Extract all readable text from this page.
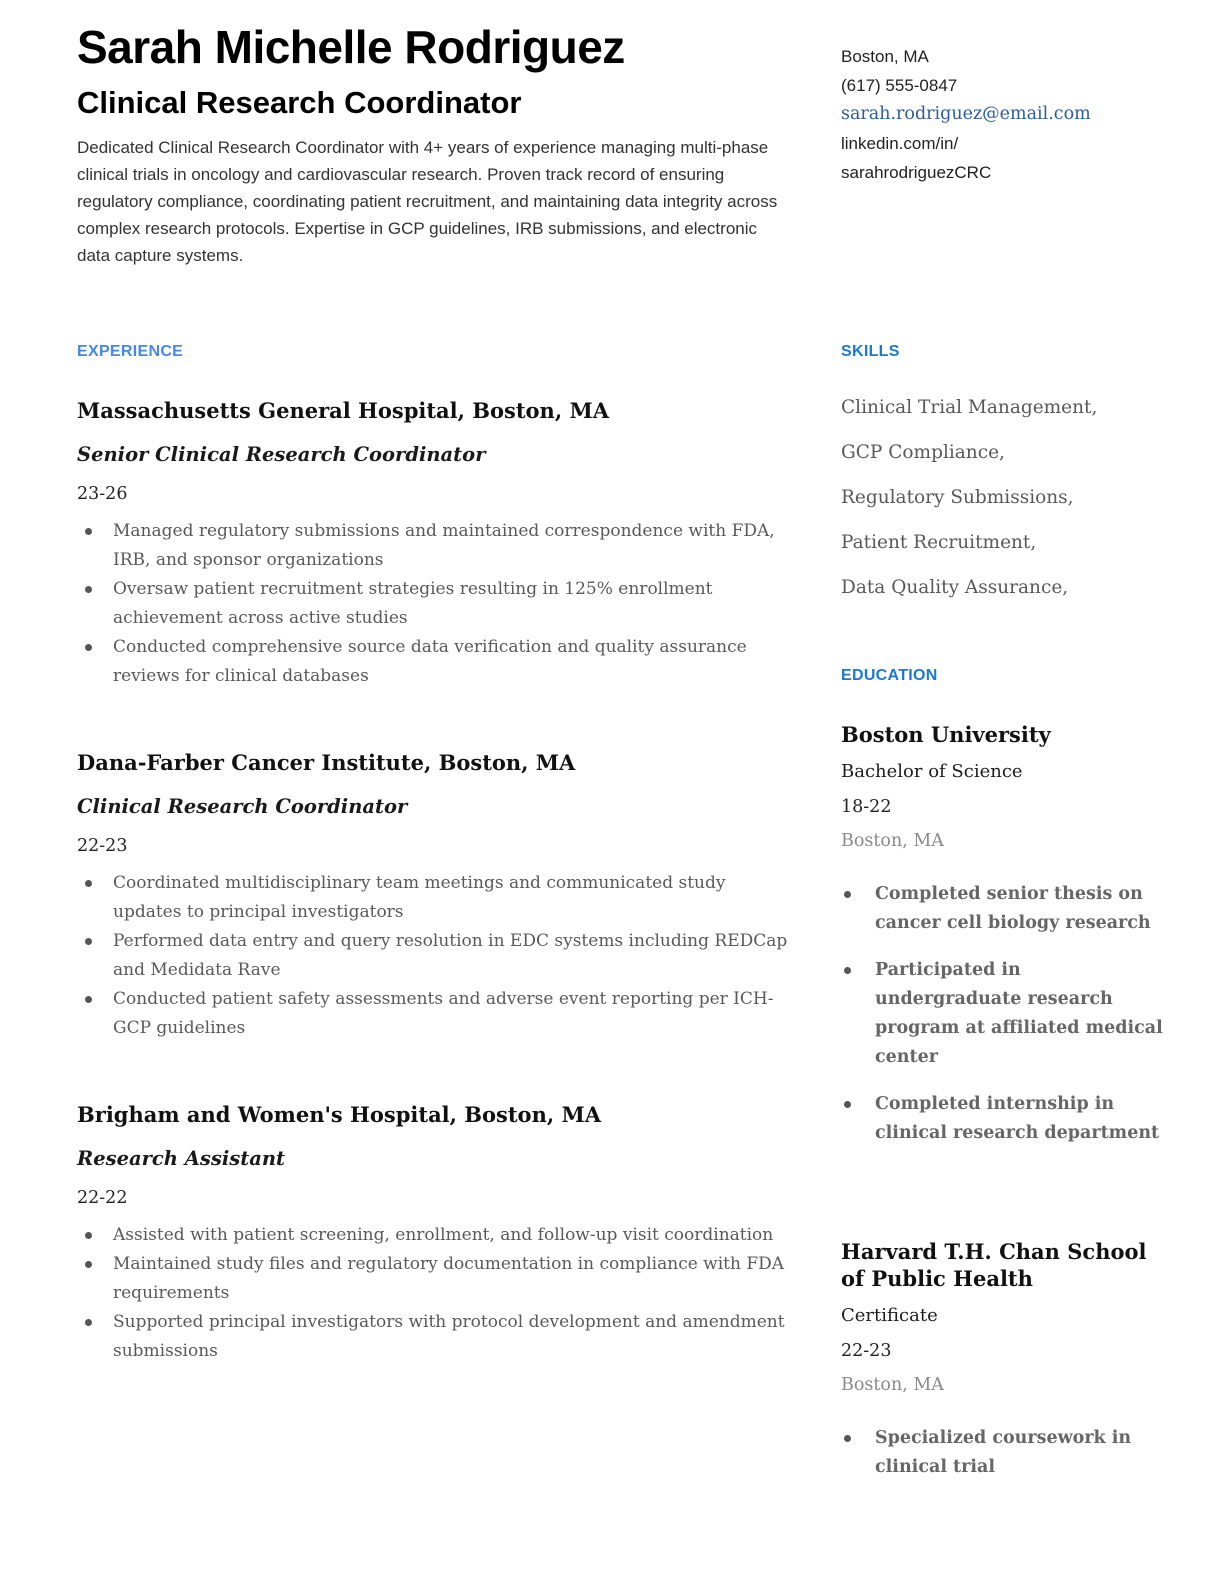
Sarah Michelle Rodriguez
Clinical Research Coordinator
Dedicated Clinical Research Coordinator with 4+ years of experience managing multi-phase clinical trials in oncology and cardiovascular research. Proven track record of ensuring regulatory compliance, coordinating patient recruitment, and maintaining data integrity across complex research protocols. Expertise in GCP guidelines, IRB submissions, and electronic data capture systems.
Boston, MA
(617) 555-0847
sarah.rodriguez@email.com
linkedin.com/in/
sarahrodriguezCRC
EXPERIENCE
Massachusetts General Hospital, Boston, MA
Senior Clinical Research Coordinator
23-26
Managed regulatory submissions and maintained correspondence with FDA, IRB, and sponsor organizations
Oversaw patient recruitment strategies resulting in 125% enrollment achievement across active studies
Conducted comprehensive source data verification and quality assurance reviews for clinical databases
Dana-Farber Cancer Institute, Boston, MA
Clinical Research Coordinator
22-23
Coordinated multidisciplinary team meetings and communicated study updates to principal investigators
Performed data entry and query resolution in EDC systems including REDCap and Medidata Rave
Conducted patient safety assessments and adverse event reporting per ICH-GCP guidelines
Brigham and Women's Hospital, Boston, MA
Research Assistant
22-22
Assisted with patient screening, enrollment, and follow-up visit coordination
Maintained study files and regulatory documentation in compliance with FDA requirements
Supported principal investigators with protocol development and amendment submissions
SKILLS
Clinical Trial Management,
GCP Compliance,
Regulatory Submissions,
Patient Recruitment,
Data Quality Assurance,
EDUCATION
Boston University
Bachelor of Science
18-22
Boston, MA
Completed senior thesis on cancer cell biology research
Participated in undergraduate research program at affiliated medical center
Completed internship in clinical research department
Harvard T.H. Chan School of Public Health
Certificate
22-23
Boston, MA
Specialized coursework in clinical trial
